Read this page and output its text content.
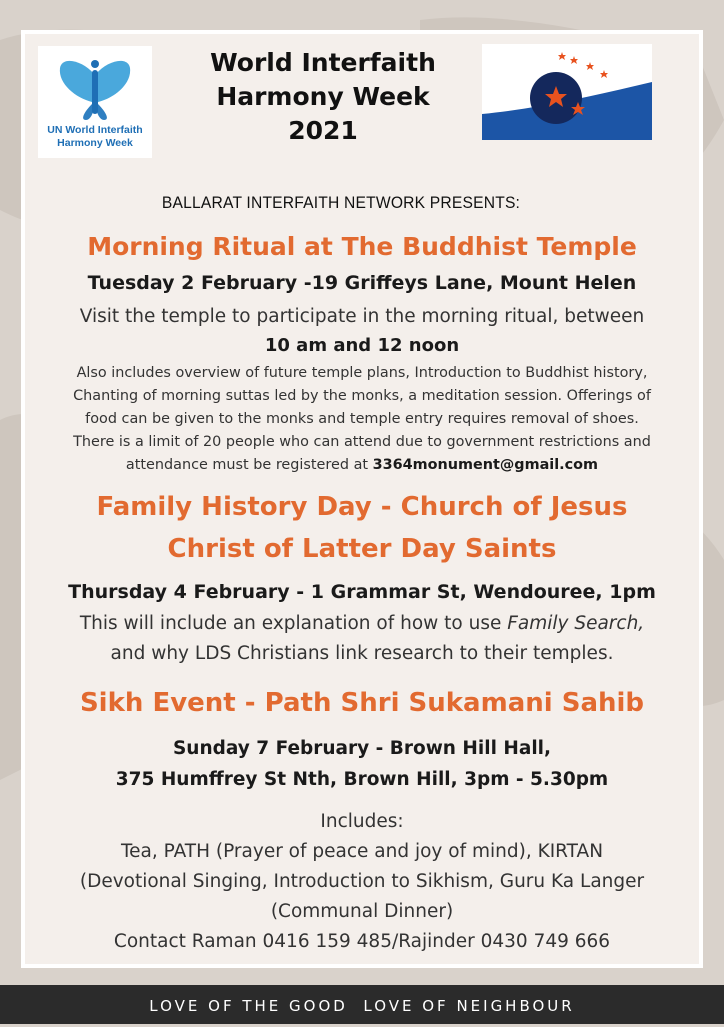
UN World Interfaith
Harmony Week
World Interfaith
Harmony Week
2021
BALLARAT INTERFAITH NETWORK PRESENTS:
Morning Ritual at The Buddhist Temple
Tuesday 2 February -19 Griffeys Lane, Mount Helen
Visit the temple to participate in the morning ritual, between
10 am and 12 noon
Also includes overview of future temple plans, Introduction to Buddhist history,
Chanting of morning suttas led by the monks, a meditation session. Offerings of
food can be given to the monks and temple entry requires removal of shoes.
There is a limit of 20 people who can attend due to government restrictions and
attendance must be registered at 3364monument@gmail.com
Family History Day - Church of Jesus
Christ of Latter Day Saints
Thursday 4 February - 1 Grammar St, Wendouree, 1pm
This will include an explanation of how to use Family Search,
and why LDS Christians link research to their temples.
Sikh Event - Path Shri Sukamani Sahib
Sunday 7 February - Brown Hill Hall,
375 Humffrey St Nth, Brown Hill, 3pm - 5.30pm
Includes:
Tea, PATH (Prayer of peace and joy of mind), KIRTAN
(Devotional Singing, Introduction to Sikhism, Guru Ka Langer
(Communal Dinner)
Contact Raman 0416 159 485/Rajinder 0430 749 666
LOVE OF THE GOOD  LOVE OF NEIGHBOUR
